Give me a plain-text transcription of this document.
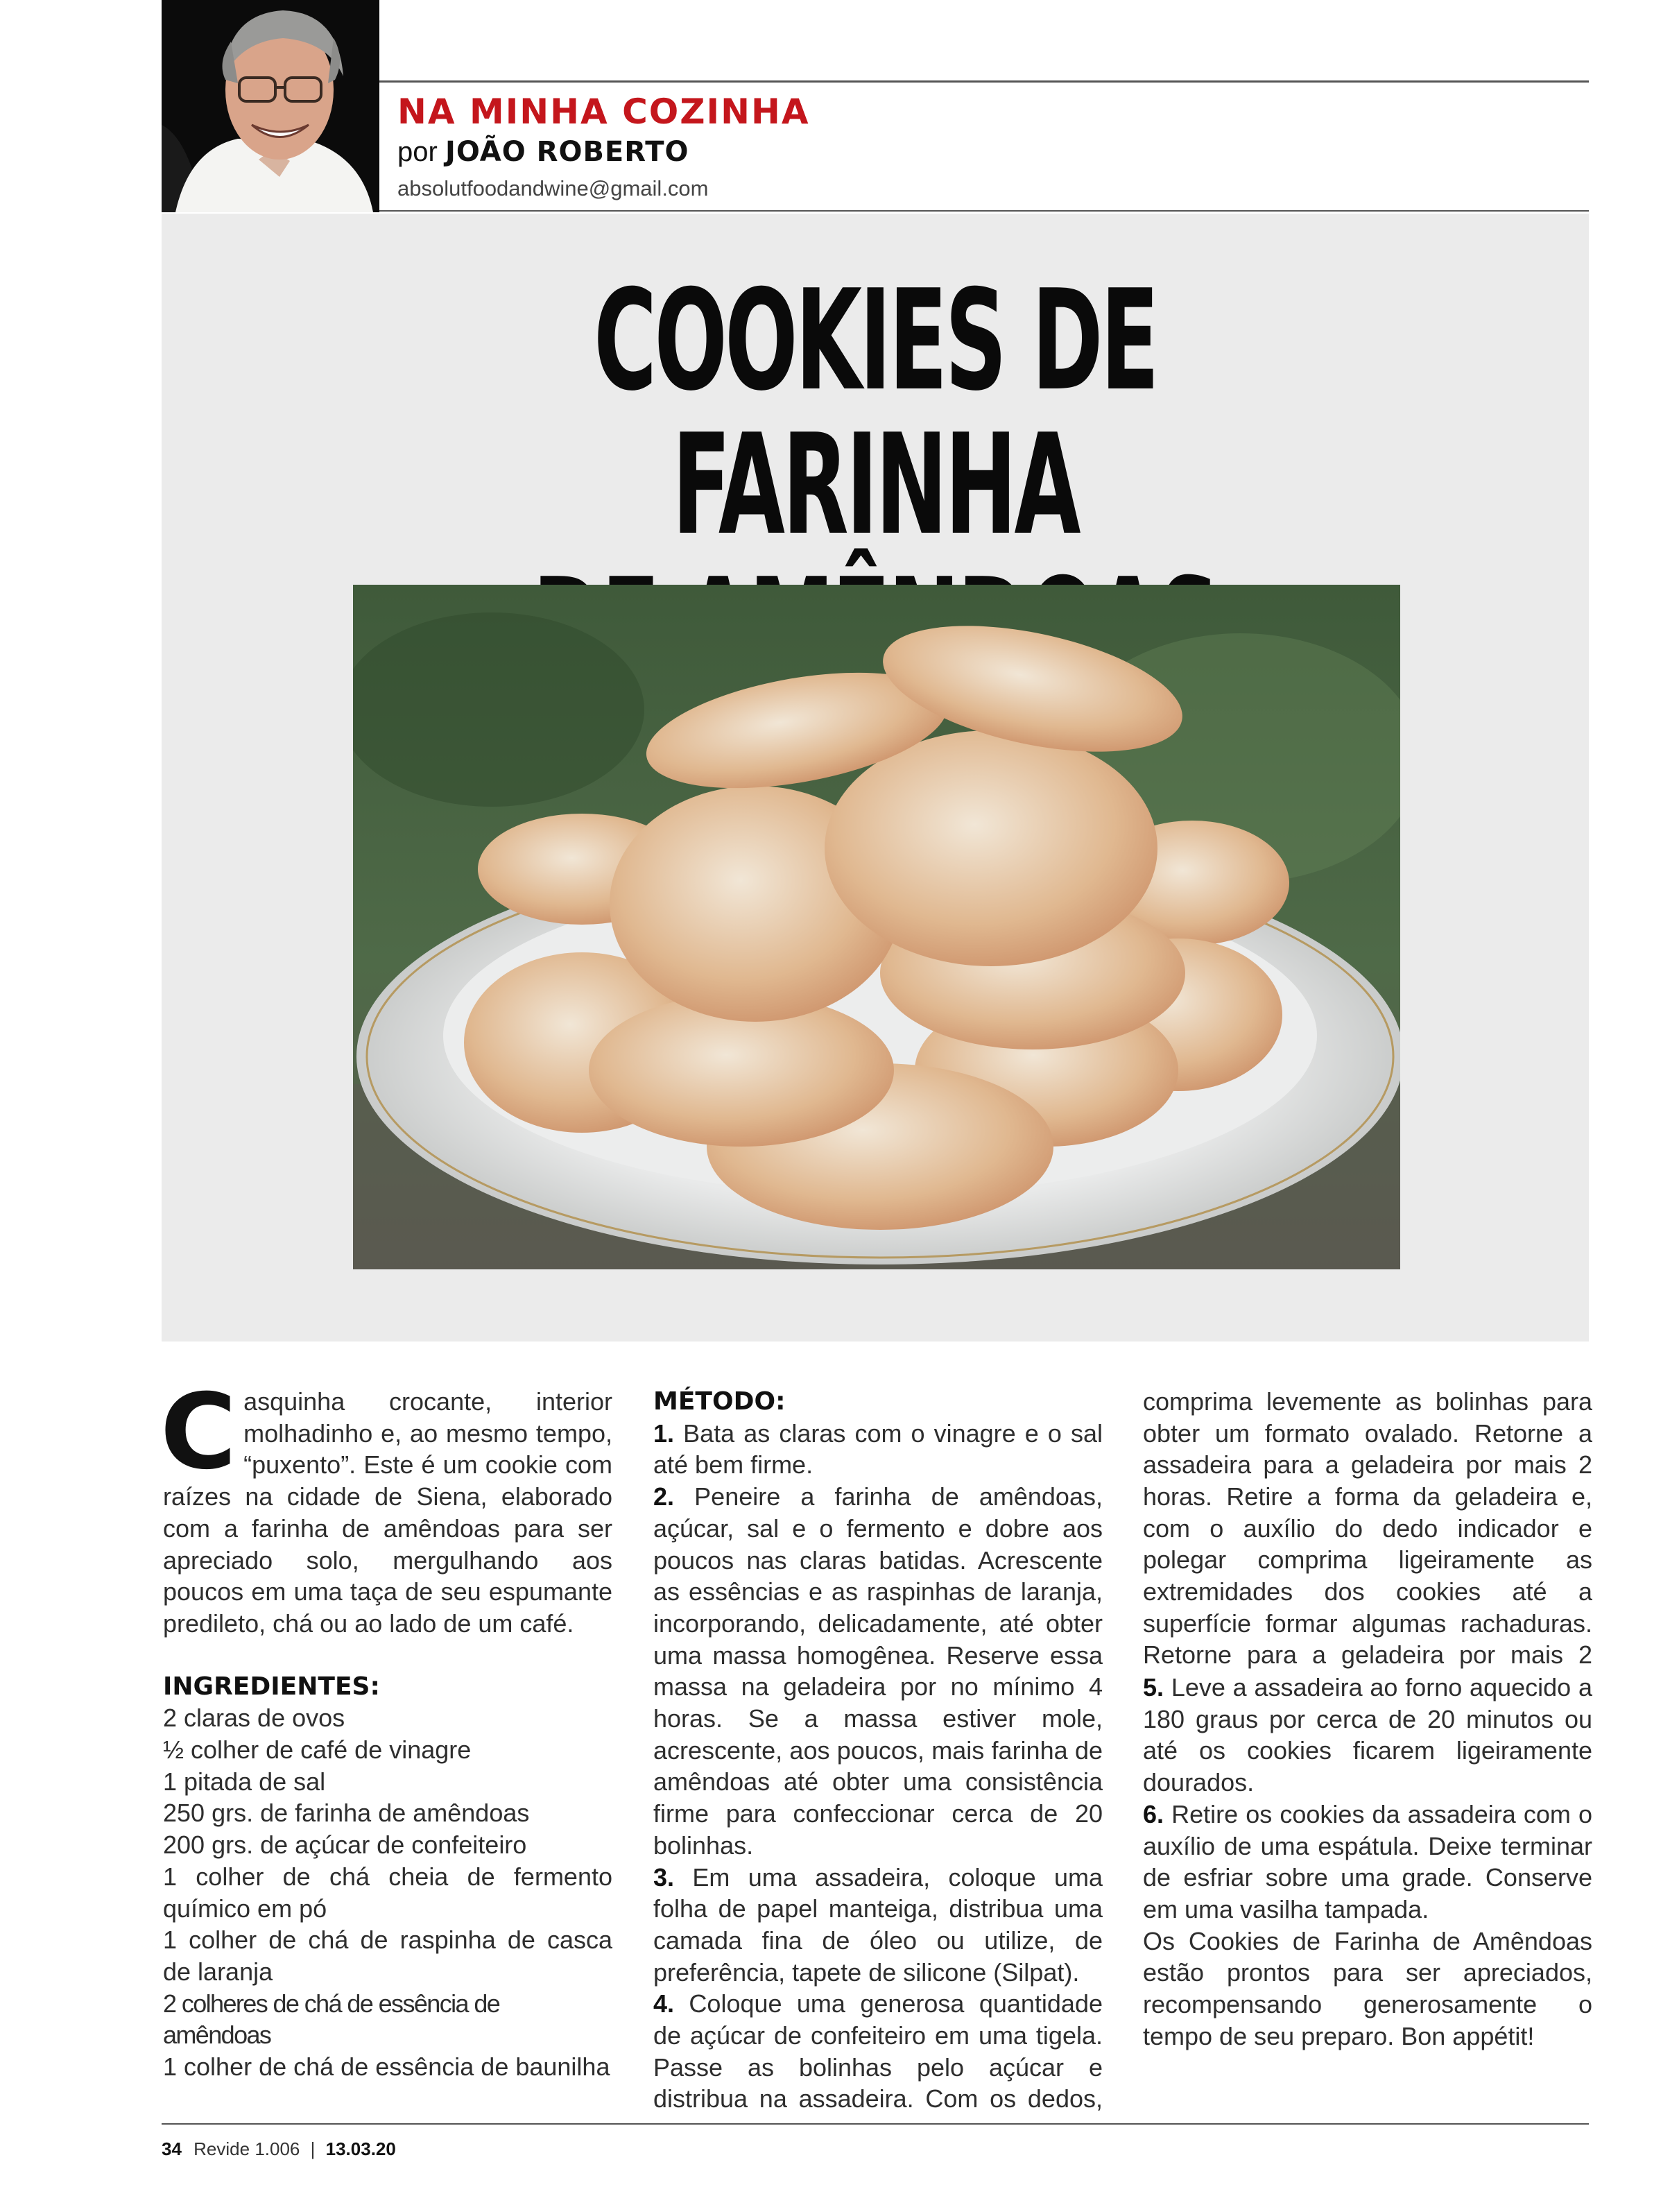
NA MINHA COZINHA
por JOÃO ROBERTO
absolutfoodandwine@gmail.com
COOKIES DE FARINHA

Casquinha crocante, interior molhadinho e, ao mesmo tempo, “puxento”. Este é um cookie com raízes na cidade de Siena, elaborado com a farinha de amêndoas para ser apreciado solo, mergulhando aos poucos em uma taça de seu espumante predileto, chá ou ao lado de um café.

INGREDIENTES:

2 claras de ovos

½ colher de café de vinagre

1 pitada de sal

250 grs. de farinha de amêndoas

200 grs. de açúcar de confeiteiro

1 colher de chá cheia de fermento químico em pó

1 colher de chá de raspinha de casca de laranja

2 colheres de chá de essência de amêndoas

1 colher de chá de essência de baunilha

MÉTODO:

1. Bata as claras com o vinagre e o sal até bem firme.

2. Peneire a farinha de amêndoas, açúcar, sal e o fermento e dobre aos poucos nas claras batidas. Acrescente as essências e as raspinhas de laranja, incorporando, delicadamente, até obter uma massa homogênea. Reserve essa massa na geladeira por no mínimo 4 horas. Se a massa estiver mole, acrescente, aos poucos, mais farinha de amêndoas até obter uma consistência firme para confeccionar cerca de 20 bolinhas.

3. Em uma assadeira, coloque uma folha de papel manteiga, distribua uma camada fina de óleo ou utilize, de preferência, tapete de silicone (Silpat).

4. Coloque uma generosa quantidade de açúcar de confeiteiro em uma tigela. Passe as bolinhas pelo açúcar e distribua na assadeira. Com os dedos,

comprima levemente as bolinhas para obter um formato ovalado. Retorne a assadeira para a geladeira por mais 2 horas. Retire a forma da geladeira e, com o auxílio do dedo indicador e polegar comprima ligeiramente as extremidades dos cookies até a superfície formar algumas rachaduras. Retorne para a geladeira por mais 2

5. Leve a assadeira ao forno aquecido a 180 graus por cerca de 20 minutos ou até os cookies ficarem ligeiramente dourados.

6. Retire os cookies da assadeira com o auxílio de uma espátula. Deixe terminar de esfriar sobre uma grade. Conserve em uma vasilha tampada.

Os Cookies de Farinha de Amêndoas estão prontos para ser apreciados, recompensando generosamente o tempo de seu preparo. Bon appétit!

34 Revide 1.006 | 13.03.20
